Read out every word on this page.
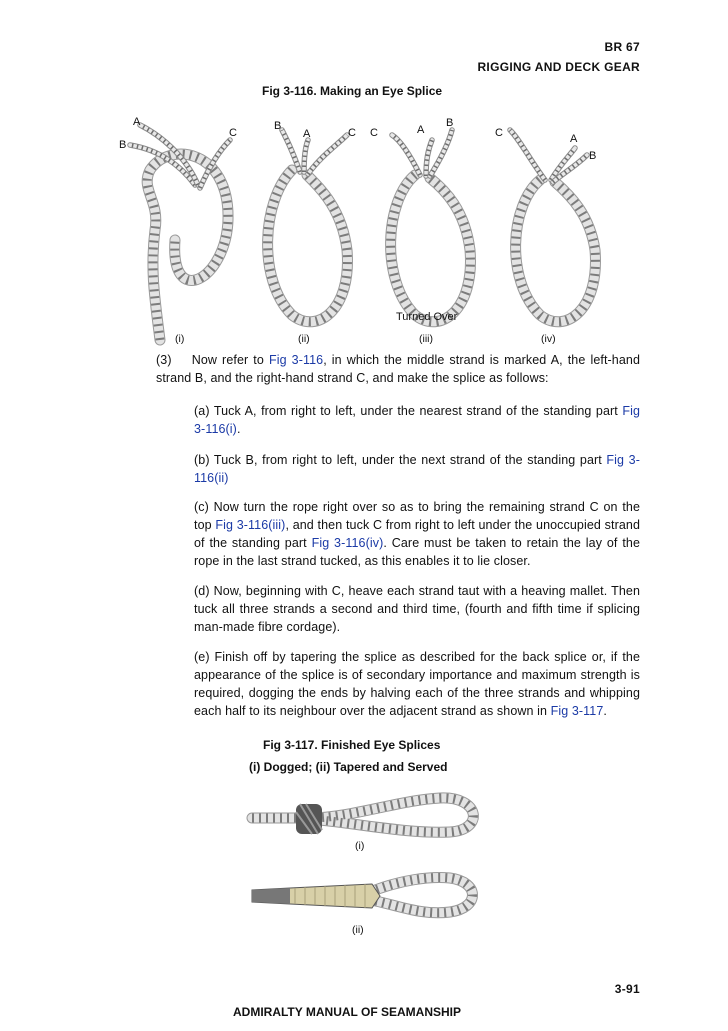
BR 67
RIGGING AND DECK GEAR
Fig 3-116. Making an Eye Splice
A
B
C
B
A	C C	A
B
C	A
B
Turned Over
(i)	(ii)	(iii)	(iv)
(3) Now refer to Fig 3-116, in which the middle strand is marked A, the left-hand strand B, and the right-hand strand C, and make the splice as follows:
(a) Tuck A, from right to left, under the nearest strand of the standing part Fig 3-116(i).
(b) Tuck B, from right to left, under the next strand of the standing part Fig 3-116(ii)
(c) Now turn the rope right over so as to bring the remaining strand C on the top Fig 3-116(iii), and then tuck C from right to left under the unoccupied strand of the standing part Fig 3-116(iv). Care must be taken to retain the lay of the rope in the last strand tucked, as this enables it to lie closer.
(d) Now, beginning with C, heave each strand taut with a heaving mallet. Then tuck all three strands a second and third time, (fourth and fifth time if splicing man-made fibre cordage).
(e) Finish off by tapering the splice as described for the back splice or, if the appearance of the splice is of secondary importance and maximum strength is required, dogging the ends by halving each of the three strands and whipping each half to its neighbour over the adjacent strand as shown in Fig 3-117.
Fig 3-117. Finished Eye Splices
(i) Dogged; (ii) Tapered and Served
(i)
(ii)
3-91
ADMIRALTY MANUAL OF SEAMANSHIP
